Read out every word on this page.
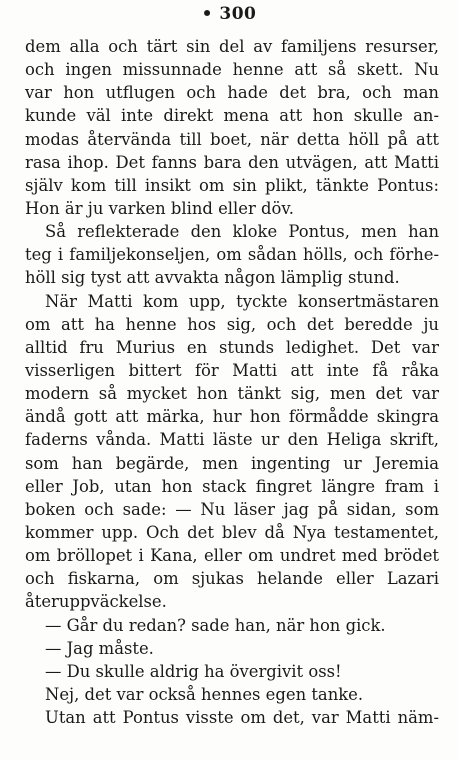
• 300
dem alla och tärt sin del av familjens resurser,
och ingen missunnade henne att så skett. Nu
var hon utflugen och hade det bra, och man
kunde väl inte direkt mena att hon skulle an-
modas återvända till boet, när detta höll på att
rasa ihop. Det fanns bara den utvägen, att Matti
själv kom till insikt om sin plikt, tänkte Pontus:
Hon är ju varken blind eller döv.
Så reflekterade den kloke Pontus, men han
teg i familjekonseljen, om sådan hölls, och förhe-
höll sig tyst att avvakta någon lämplig stund.
När Matti kom upp, tyckte konsertmästaren
om att ha henne hos sig, och det beredde ju
alltid fru Murius en stunds ledighet. Det var
visserligen bittert för Matti att inte få råka
modern så mycket hon tänkt sig, men det var
ändå gott att märka, hur hon förmådde skingra
faderns vånda. Matti läste ur den Heliga skrift,
som han begärde, men ingenting ur Jeremia
eller Job, utan hon stack fingret längre fram i
boken och sade: — Nu läser jag på sidan, som
kommer upp. Och det blev då Nya testamentet,
om bröllopet i Kana, eller om undret med brödet
och fiskarna, om sjukas helande eller Lazari
återuppväckelse.
— Går du redan? sade han, när hon gick.
— Jag måste.
— Du skulle aldrig ha övergivit oss!
Nej, det var också hennes egen tanke.
Utan att Pontus visste om det, var Matti näm-
